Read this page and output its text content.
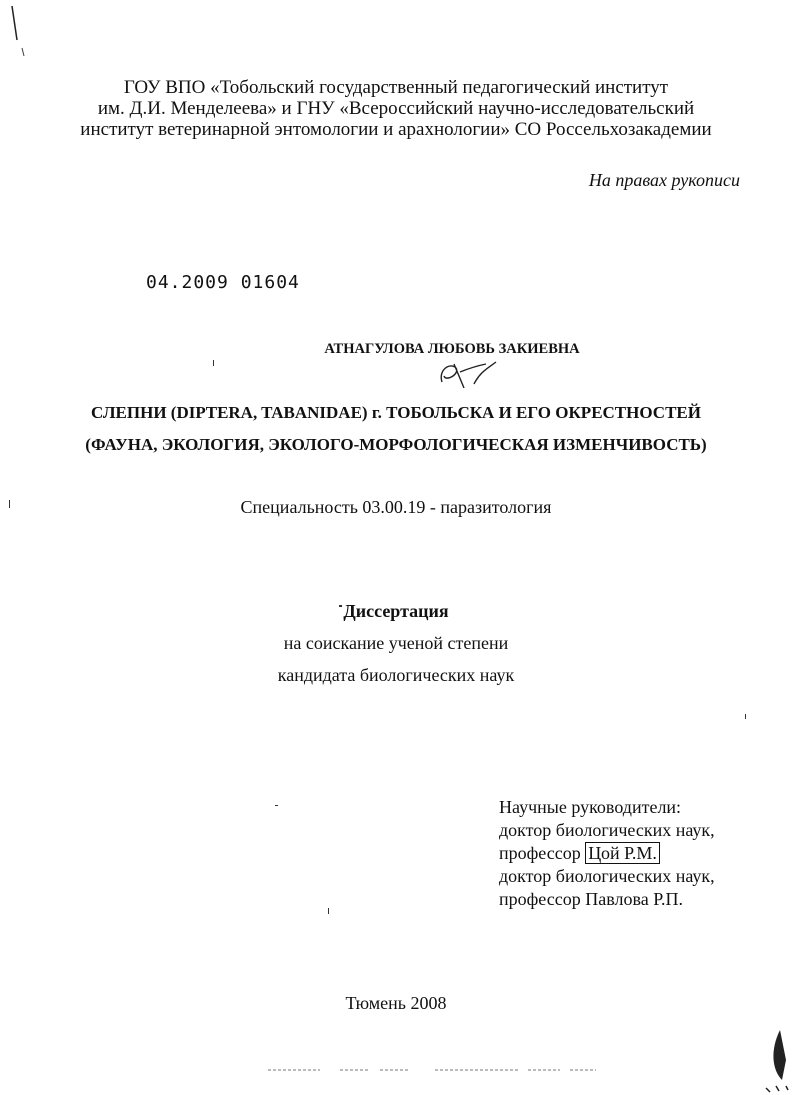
ГОУ ВПО «Тобольский государственный педагогический институт
им. Д.И. Менделеева» и ГНУ «Всероссийский научно-исследовательский
институт ветеринарной энтомологии и арахнологии» СО Россельхозакадемии
На правах рукописи
04.2009 01604
АТНАГУЛОВА ЛЮБОВЬ ЗАКИЕВНА
СЛЕПНИ (DIPTERA, TABANIDAE) г. ТОБОЛЬСКА И ЕГО ОКРЕСТНОСТЕЙ
(ФАУНА, ЭКОЛОГИЯ, ЭКОЛОГО-МОРФОЛОГИЧЕСКАЯ ИЗМЕНЧИВОСТЬ)
Специальность 03.00.19 - паразитология
Диссертация
на соискание ученой степени
кандидата биологических наук
Научные руководители:
доктор биологических наук,
профессор Цой Р.М.
доктор биологических наук,
профессор Павлова Р.П.
Тюмень 2008
